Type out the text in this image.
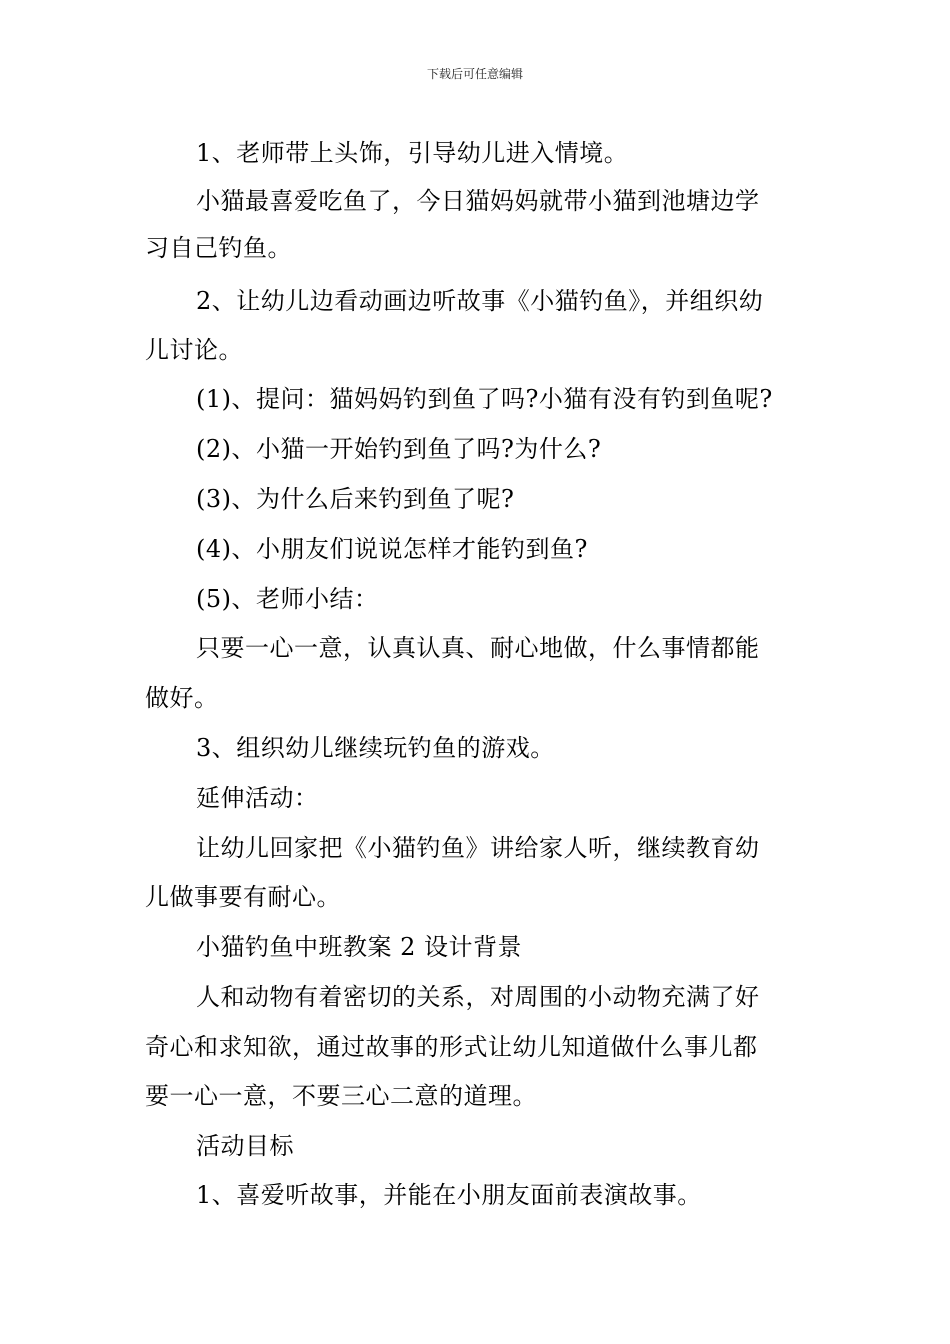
下载后可任意编辑
1、老师带上头饰，引导幼儿进入情境。
小猫最喜爱吃鱼了，今日猫妈妈就带小猫到池塘边学
习自己钓鱼。
2、让幼儿边看动画边听故事《小猫钓鱼》，并组织幼
儿讨论。
(1)、提问：猫妈妈钓到鱼了吗?小猫有没有钓到鱼呢?
(2)、小猫一开始钓到鱼了吗?为什么?
(3)、为什么后来钓到鱼了呢?
(4)、小朋友们说说怎样才能钓到鱼?
(5)、老师小结：
只要一心一意，认真认真、耐心地做，什么事情都能
做好。
3、组织幼儿继续玩钓鱼的游戏。
延伸活动：
让幼儿回家把《小猫钓鱼》讲给家人听，继续教育幼
儿做事要有耐心。
小猫钓鱼中班教案 2 设计背景
人和动物有着密切的关系，对周围的小动物充满了好
奇心和求知欲，通过故事的形式让幼儿知道做什么事儿都
要一心一意，不要三心二意的道理。
活动目标
1、喜爱听故事，并能在小朋友面前表演故事。
